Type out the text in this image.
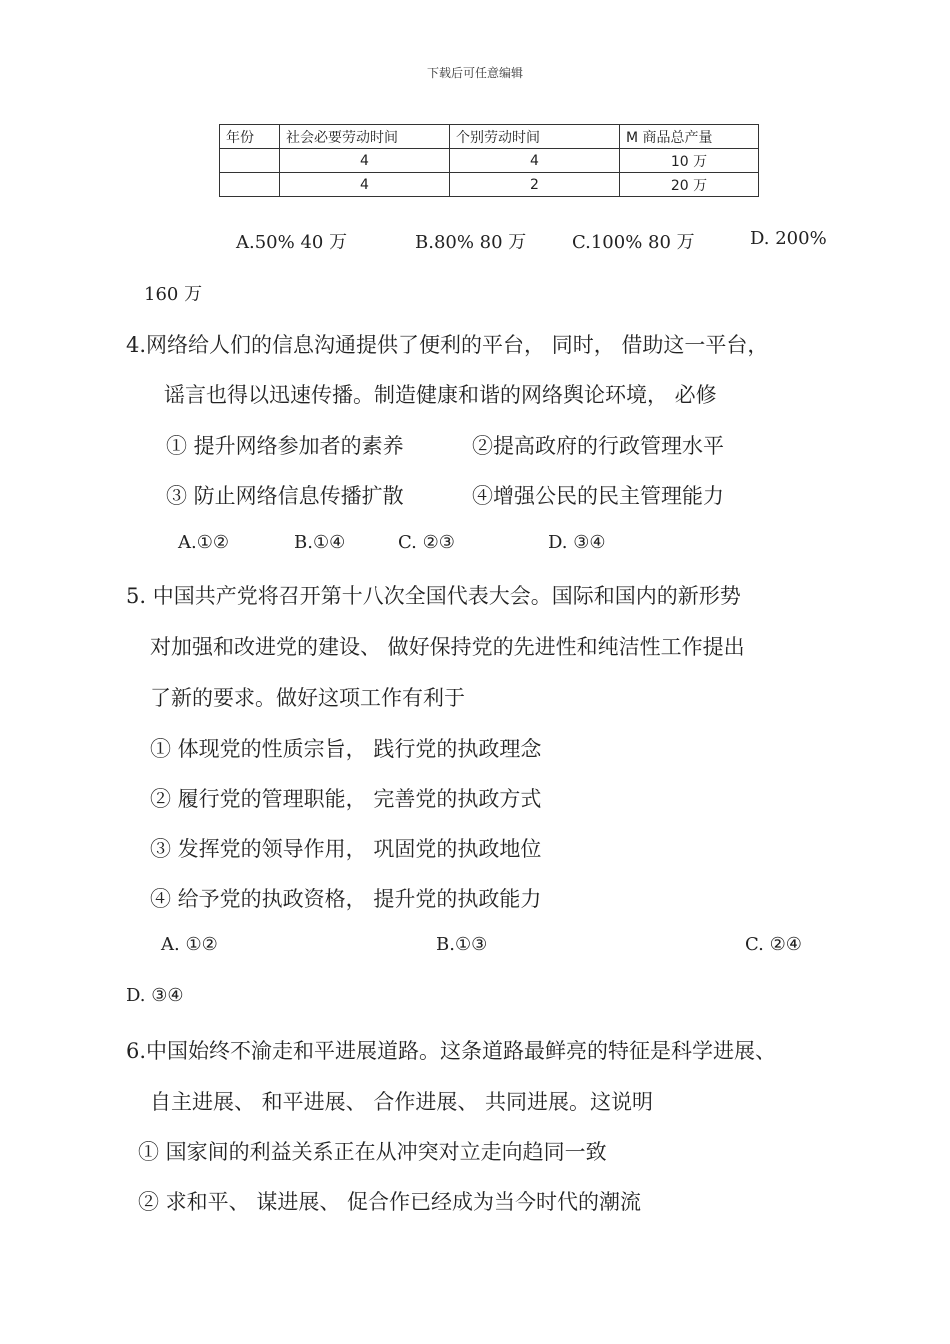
下载后可任意编辑
年份	社会必要劳动时间	个别劳动时间	M 商品总产量
	4	4	10 万
	4	2	20 万
A.50% 40 万	B.80% 80 万	C.100% 80 万	D. 200%
160 万
4.网络给人们的信息沟通提供了便利的平台， 同时， 借助这一平台，
谣言也得以迅速传播。制造健康和谐的网络舆论环境， 必修
① 提升网络参加者的素养	②提高政府的行政管理水平
③ 防止网络信息传播扩散	④增强公民的民主管理能力
A.①②	B.①④	C. ②③	D. ③④
5. 中国共产党将召开第十八次全国代表大会。国际和国内的新形势
对加强和改进党的建设、 做好保持党的先进性和纯洁性工作提出
了新的要求。做好这项工作有利于
① 体现党的性质宗旨， 践行党的执政理念
② 履行党的管理职能， 完善党的执政方式
③ 发挥党的领导作用， 巩固党的执政地位
④ 给予党的执政资格， 提升党的执政能力
A. ①②	B.①③	C. ②④
D. ③④
6.中国始终不渝走和平进展道路。这条道路最鲜亮的特征是科学进展、
自主进展、 和平进展、 合作进展、 共同进展。这说明
① 国家间的利益关系正在从冲突对立走向趋同一致
② 求和平、 谋进展、 促合作已经成为当今时代的潮流
